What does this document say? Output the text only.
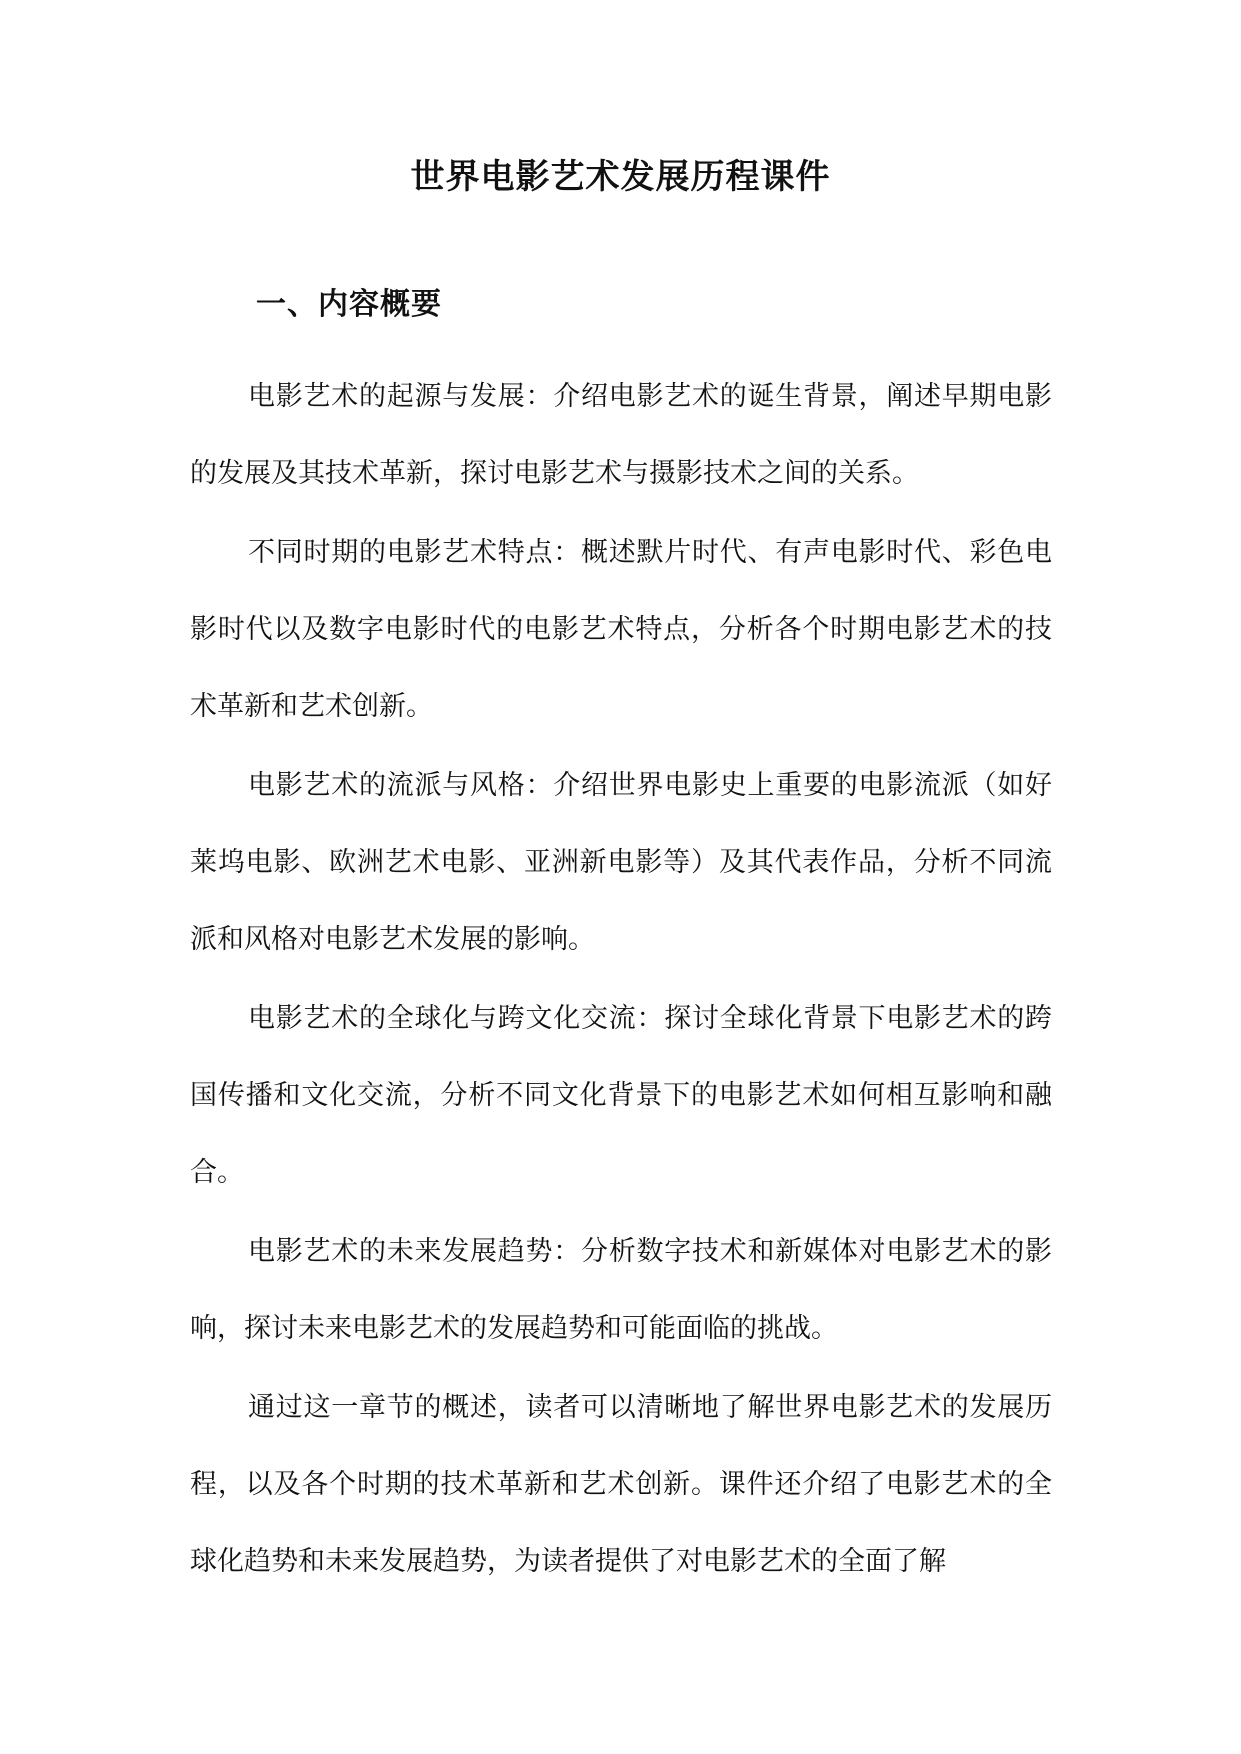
世界电影艺术发展历程课件
一、内容概要

电影艺术的起源与发展：介绍电影艺术的诞生背景，阐述早期电影的发展及其技术革新，探讨电影艺术与摄影技术之间的关系。

不同时期的电影艺术特点：概述默片时代、有声电影时代、彩色电影时代以及数字电影时代的电影艺术特点，分析各个时期电影艺术的技术革新和艺术创新。

电影艺术的流派与风格：介绍世界电影史上重要的电影流派（如好莱坞电影、欧洲艺术电影、亚洲新电影等）及其代表作品，分析不同流派和风格对电影艺术发展的影响。

电影艺术的全球化与跨文化交流：探讨全球化背景下电影艺术的跨国传播和文化交流，分析不同文化背景下的电影艺术如何相互影响和融合。

电影艺术的未来发展趋势：分析数字技术和新媒体对电影艺术的影响，探讨未来电影艺术的发展趋势和可能面临的挑战。

通过这一章节的概述，读者可以清晰地了解世界电影艺术的发展历程，以及各个时期的技术革新和艺术创新。课件还介绍了电影艺术的全球化趋势和未来发展趋势，为读者提供了对电影艺术的全面了解
